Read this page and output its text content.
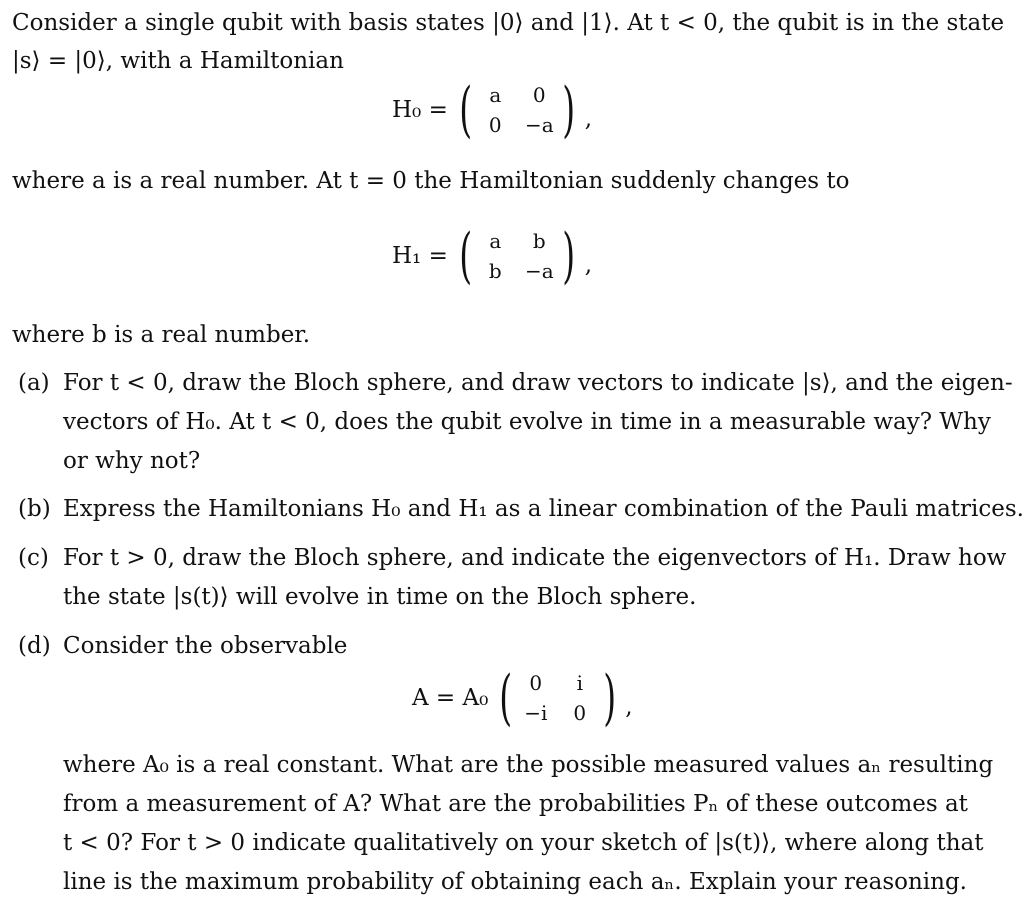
Consider a single qubit with basis states |0⟩ and |1⟩. At t < 0, the qubit is in the state
|s⟩ = |0⟩, with a Hamiltonian
H₀ = ( a 0
0 −a ) ,
where a is a real number. At t = 0 the Hamiltonian suddenly changes to
H₁ = ( a b
b −a ) ,
where b is a real number.
(a) For t < 0, draw the Bloch sphere, and draw vectors to indicate |s⟩, and the eigen-
vectors of H₀. At t < 0, does the qubit evolve in time in a measurable way? Why
or why not?
(b) Express the Hamiltonians H₀ and H₁ as a linear combination of the Pauli matrices.
(c) For t > 0, draw the Bloch sphere, and indicate the eigenvectors of H₁. Draw how
the state |s(t)⟩ will evolve in time on the Bloch sphere.
(d) Consider the observable
A = A₀ ( 0 i
−i 0 ) ,
where A₀ is a real constant. What are the possible measured values aₙ resulting
from a measurement of A? What are the probabilities Pₙ of these outcomes at
t < 0? For t > 0 indicate qualitatively on your sketch of |s(t)⟩, where along that
line is the maximum probability of obtaining each aₙ. Explain your reasoning.
